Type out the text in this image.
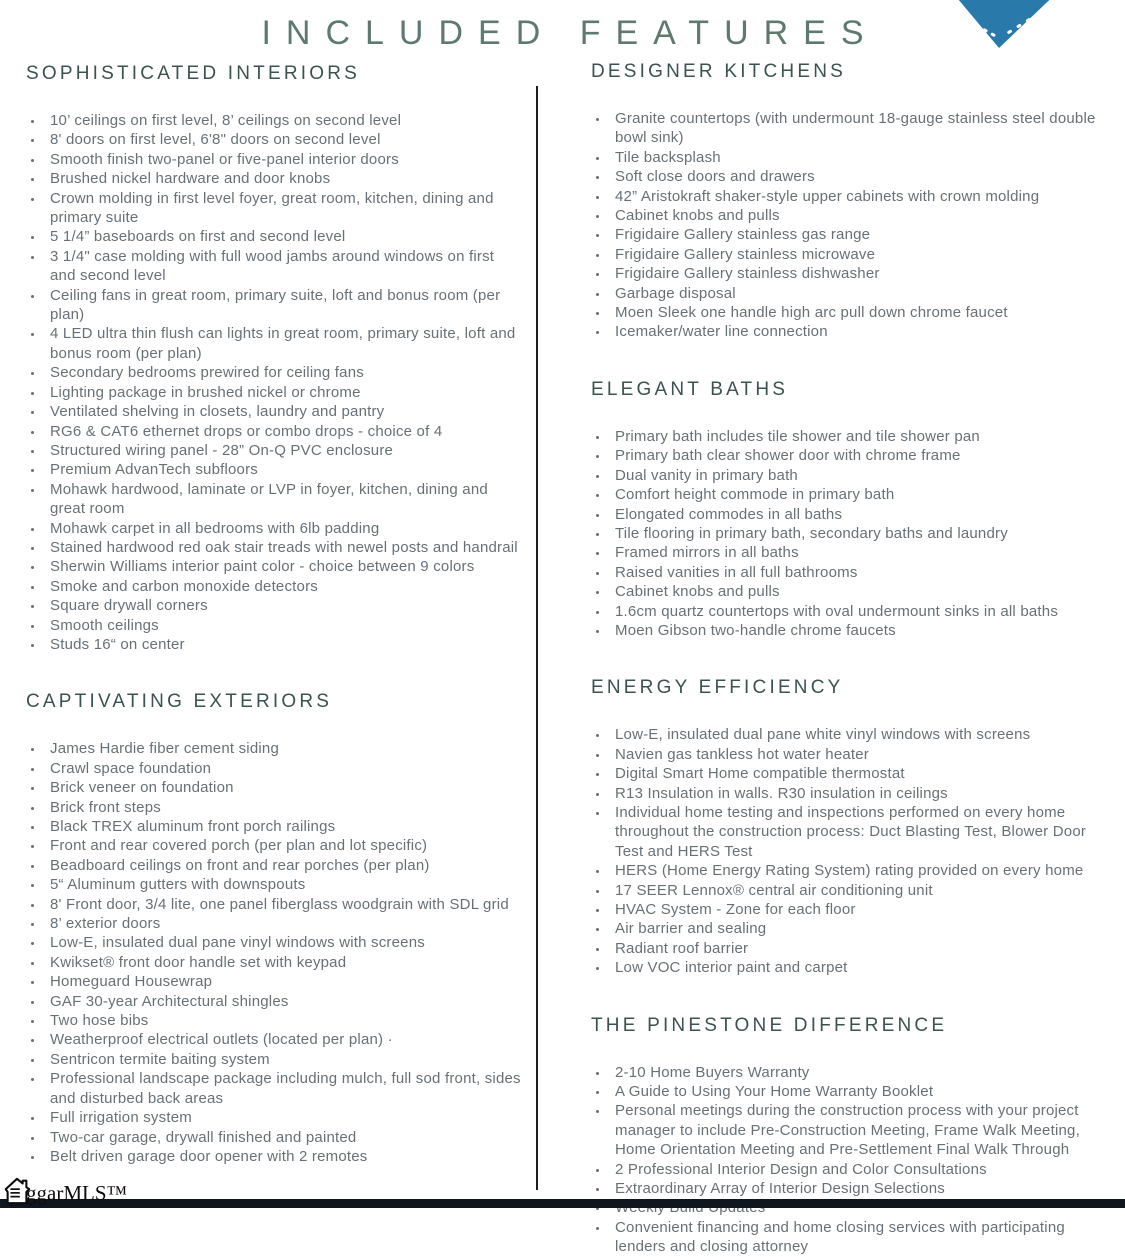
INCLUDED FEATURES
SOPHISTICATED INTERIORS
• 10’ ceilings on first level, 8’ ceilings on second level
• 8' doors on first level, 6'8" doors on second level
• Smooth finish two-panel or five-panel interior doors
• Brushed nickel hardware and door knobs
• Crown molding in first level foyer, great room, kitchen, dining and primary suite
• 5 1/4” baseboards on first and second level
• 3 1/4" case molding with full wood jambs around windows on first and second level
• Ceiling fans in great room, primary suite, loft and bonus room (per plan)
• 4 LED ultra thin flush can lights in great room, primary suite, loft and bonus room (per plan)
• Secondary bedrooms prewired for ceiling fans
• Lighting package in brushed nickel or chrome
• Ventilated shelving in closets, laundry and pantry
• RG6 & CAT6 ethernet drops or combo drops - choice of 4
• Structured wiring panel - 28” On-Q PVC enclosure
• Premium AdvanTech subfloors
• Mohawk hardwood, laminate or LVP in foyer, kitchen, dining and great room
• Mohawk carpet in all bedrooms with 6lb padding
• Stained hardwood red oak stair treads with newel posts and handrail
• Sherwin Williams interior paint color - choice between 9 colors
• Smoke and carbon monoxide detectors
• Square drywall corners
• Smooth ceilings
• Studs 16“ on center
CAPTIVATING EXTERIORS
• James Hardie fiber cement siding
• Crawl space foundation
• Brick veneer on foundation
• Brick front steps
• Black TREX aluminum front porch railings
• Front and rear covered porch (per plan and lot specific)
• Beadboard ceilings on front and rear porches (per plan)
• 5“ Aluminum gutters with downspouts
• 8' Front door, 3/4 lite, one panel fiberglass woodgrain with SDL grid
• 8’ exterior doors
• Low-E, insulated dual pane vinyl windows with screens
• Kwikset® front door handle set with keypad
• Homeguard Housewrap
• GAF 30-year Architectural shingles
• Two hose bibs
• Weatherproof electrical outlets (located per plan) ·
• Sentricon termite baiting system
• Professional landscape package including mulch, full sod front, sides and disturbed back areas
• Full irrigation system
• Two-car garage, drywall finished and painted
• Belt driven garage door opener with 2 remotes
DESIGNER KITCHENS
• Granite countertops (with undermount 18-gauge stainless steel double bowl sink)
• Tile backsplash
• Soft close doors and drawers
• 42” Aristokraft shaker-style upper cabinets with crown molding
• Cabinet knobs and pulls
• Frigidaire Gallery stainless gas range
• Frigidaire Gallery stainless microwave
• Frigidaire Gallery stainless dishwasher
• Garbage disposal
• Moen Sleek one handle high arc pull down chrome faucet
• Icemaker/water line connection
ELEGANT BATHS
• Primary bath includes tile shower and tile shower pan
• Primary bath clear shower door with chrome frame
• Dual vanity in primary bath
• Comfort height commode in primary bath
• Elongated commodes in all baths
• Tile flooring in primary bath, secondary baths and laundry
• Framed mirrors in all baths
• Raised vanities in all full bathrooms
• Cabinet knobs and pulls
• 1.6cm quartz countertops with oval undermount sinks in all baths
• Moen Gibson two-handle chrome faucets
ENERGY EFFICIENCY
• Low-E, insulated dual pane white vinyl windows with screens
• Navien gas tankless hot water heater
• Digital Smart Home compatible thermostat
• R13 Insulation in walls. R30 insulation in ceilings
• Individual home testing and inspections performed on every home throughout the construction process: Duct Blasting Test, Blower Door Test and HERS Test
• HERS (Home Energy Rating System) rating provided on every home
• 17 SEER Lennox® central air conditioning unit
• HVAC System - Zone for each floor
• Air barrier and sealing
• Radiant roof barrier
• Low VOC interior paint and carpet
THE PINESTONE DIFFERENCE
• 2-10 Home Buyers Warranty
• A Guide to Using Your Home Warranty Booklet
• Personal meetings during the construction process with your project manager to include Pre-Construction Meeting, Frame Walk Meeting, Home Orientation Meeting and Pre-Settlement Final Walk Through
• 2 Professional Interior Design and Color Consultations
• Extraordinary Array of Interior Design Selections
•
• Convenient financing and home closing services with participating lenders and closing attorney
ggarMLS™
